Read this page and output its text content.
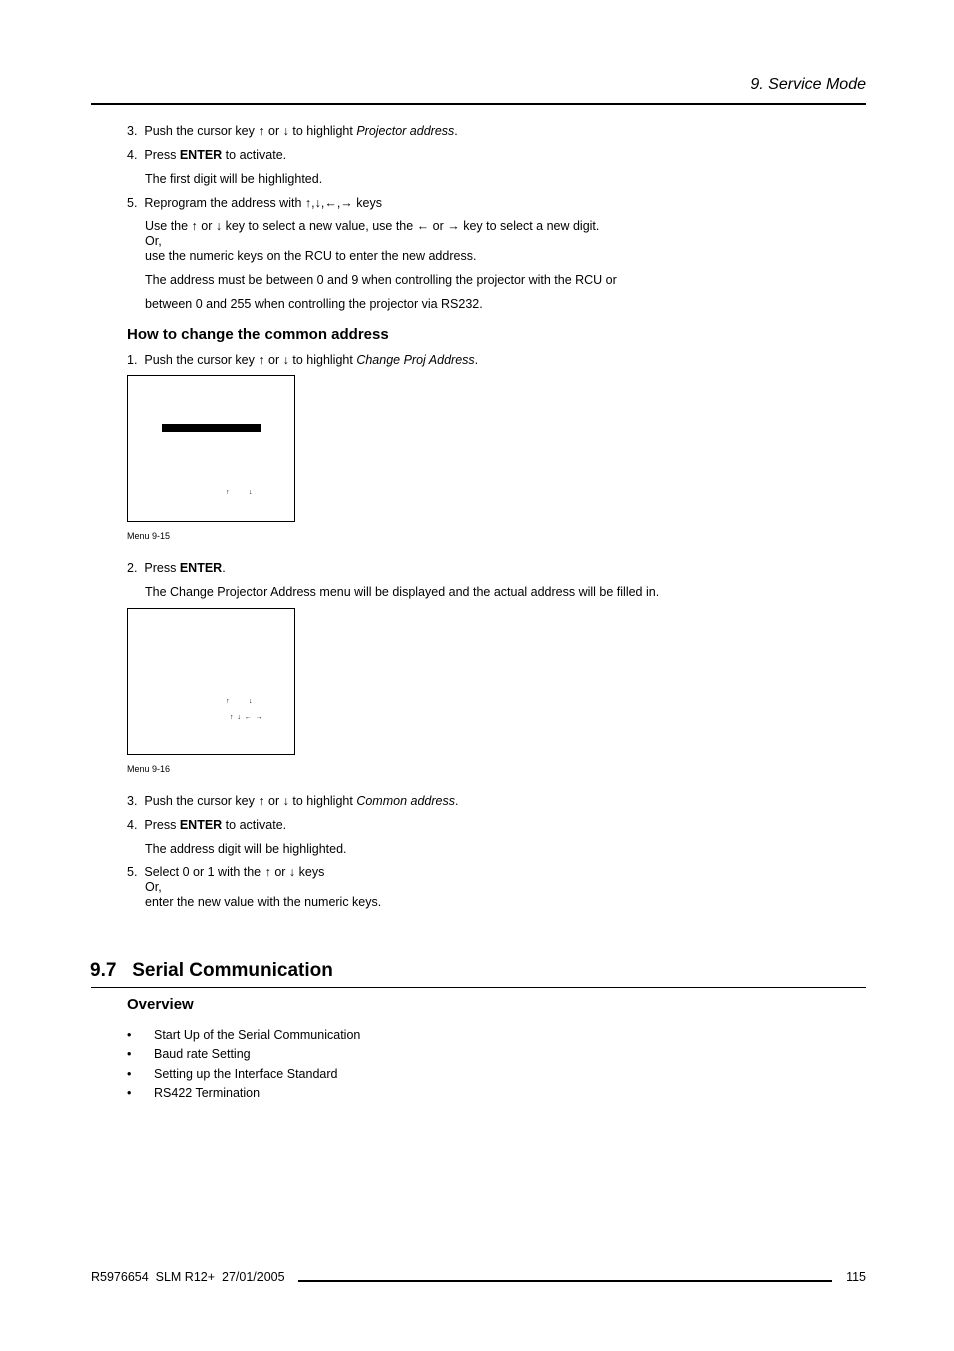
9. Service Mode
3. Push the cursor key ↑ or ↓ to highlight Projector address.
4. Press ENTER to activate.
The first digit will be highlighted.
5. Reprogram the address with ↑,↓,←,→ keys
Use the ↑ or ↓ key to select a new value, use the ← or → key to select a new digit.
Or,
use the numeric keys on the RCU to enter the new address.
The address must be between 0 and 9 when controlling the projector with the RCU or
between 0 and 255 when controlling the projector via RS232.
How to change the common address
1. Push the cursor key ↑ or ↓ to highlight Change Proj Address.
↑	↓
Menu 9-15
2. Press ENTER.
The Change Projector Address menu will be displayed and the actual address will be filled in.
↑	↓
↑  ↓  ←  →
Menu 9-16
3. Push the cursor key ↑ or ↓ to highlight Common address.
4. Press ENTER to activate.
The address digit will be highlighted.
5. Select 0 or 1 with the ↑ or ↓ keys
Or,
enter the new value with the numeric keys.
9.7   Serial Communication
Overview
• Start Up of the Serial Communication
• Baud rate Setting
• Setting up the Interface Standard
• RS422 Termination
R5976654  SLM R12+  27/01/2005	115
